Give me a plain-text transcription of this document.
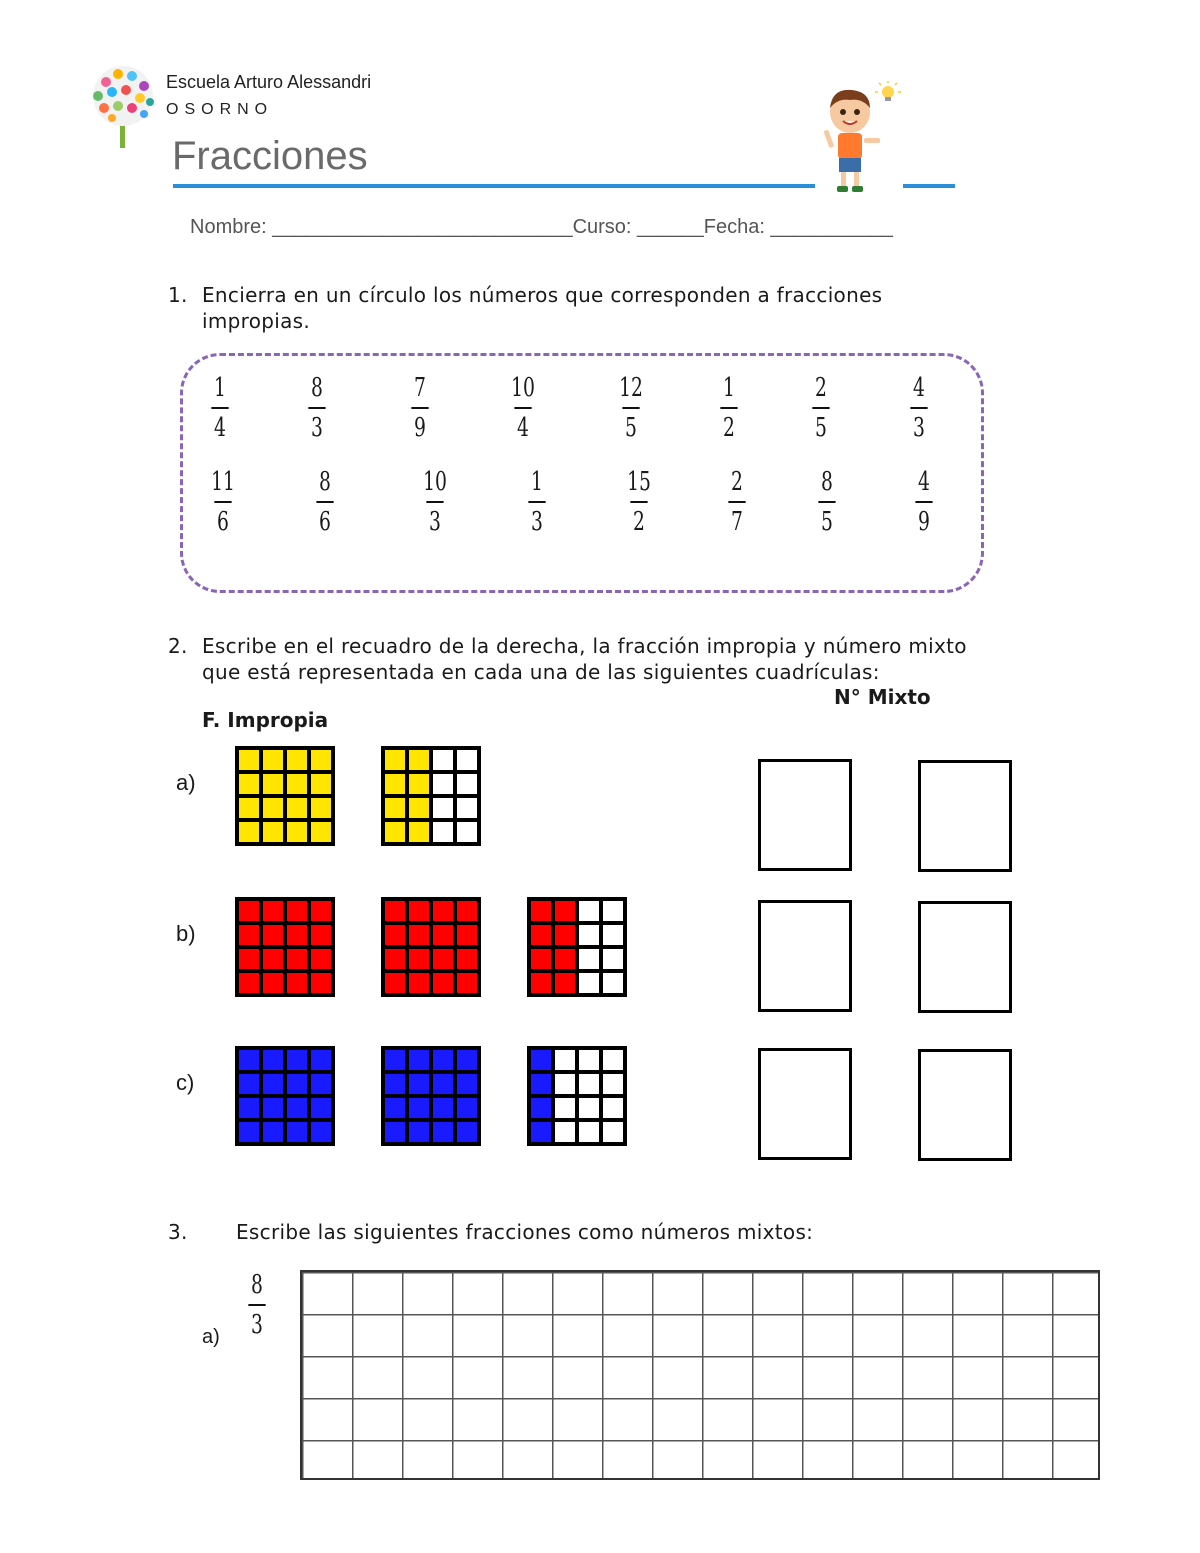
Escuela Arturo Alessandri
OSORNO
Fracciones
Nombre: ___________________________Curso: ______Fecha: ___________
1. Encierra en un círculo los números que corresponden a fracciones
impropias.
1
4
8
3
7
9
10
4
12
5
1
2
2
5
4
3
11
6
8
6
10
3
1
3
15
2
2
7
8
5
4
9
2. Escribe en el recuadro de la derecha, la fracción impropia y número mixto
que está representada en cada una de las siguientes cuadrículas:
N° Mixto
F. Impropia
a)
b)
c)
3. Escribe las siguientes fracciones como números mixtos:
a)
8
3
